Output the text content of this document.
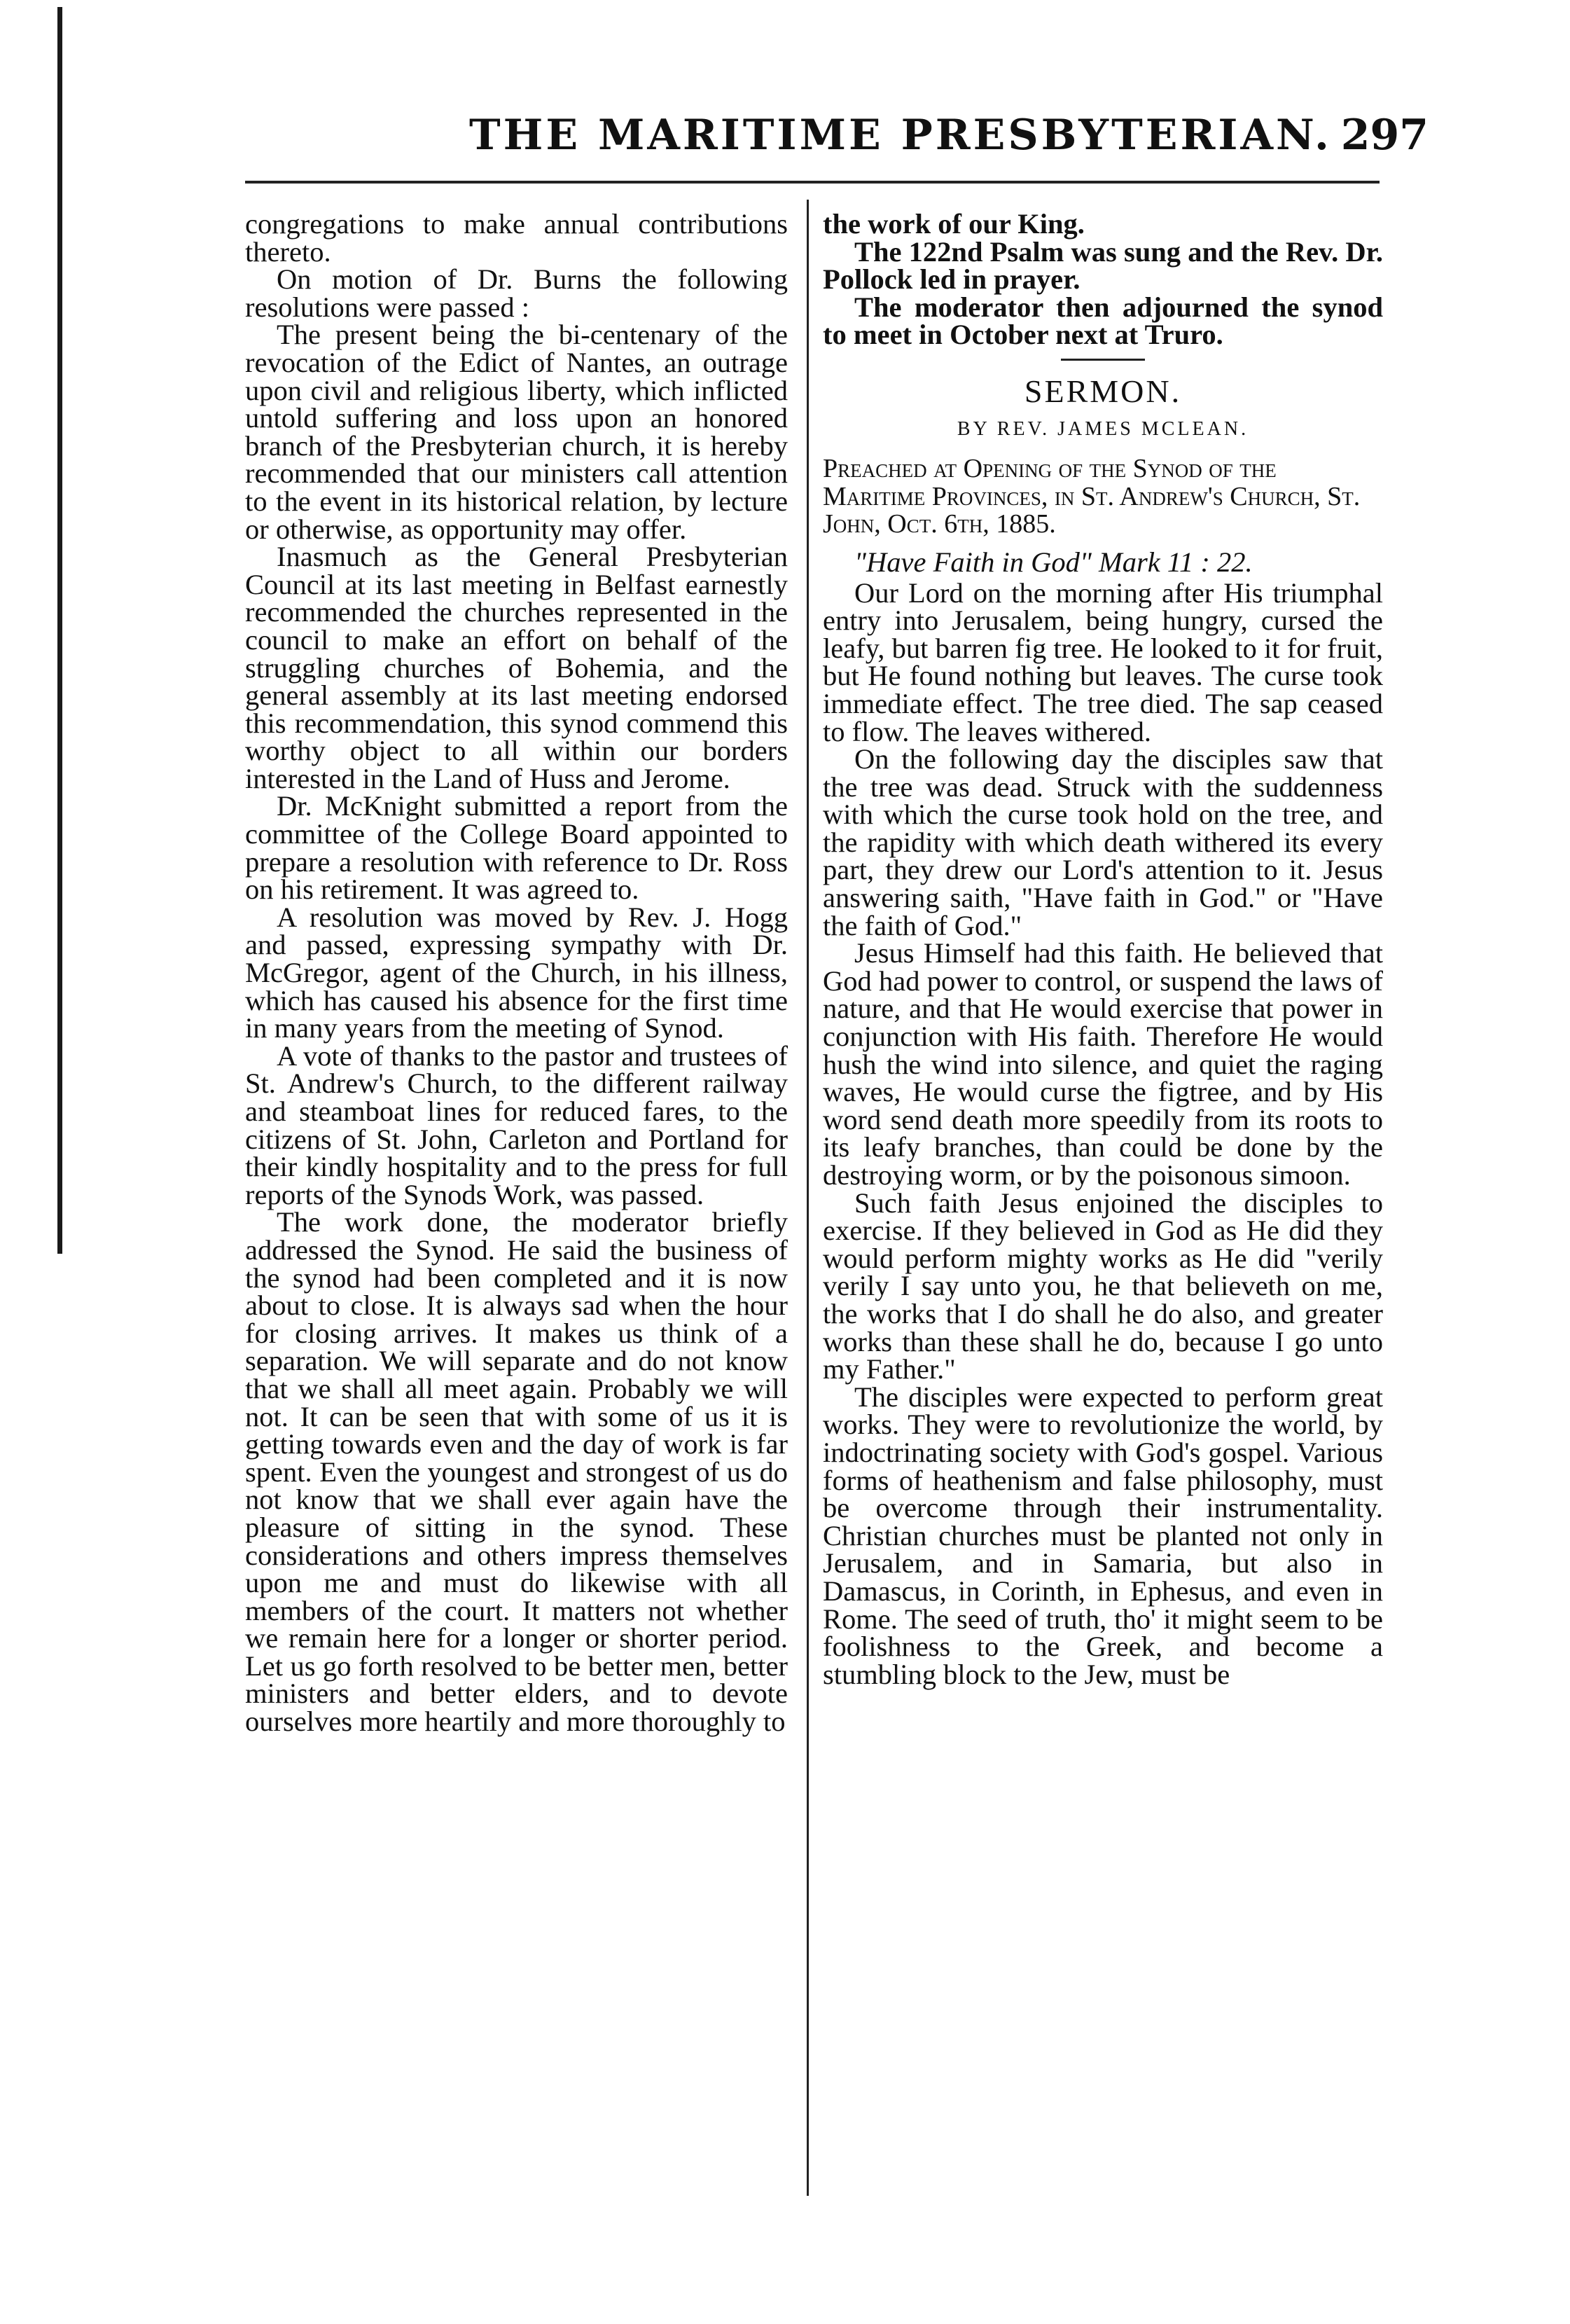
THE MARITIME PRESBYTERIAN. 297

congregations to make annual contributions thereto.

On motion of Dr. Burns the following resolutions were passed :

The present being the bi-centenary of the revocation of the Edict of Nantes, an outrage upon civil and religious liberty, which inflicted untold suffering and loss upon an honored branch of the Presbyterian church, it is hereby recommended that our ministers call attention to the event in its historical relation, by lecture or otherwise, as opportunity may offer.

Inasmuch as the General Presbyterian Council at its last meeting in Belfast earnestly recommended the churches represented in the council to make an effort on behalf of the struggling churches of Bohemia, and the general assembly at its last meeting endorsed this recommendation, this synod commend this worthy object to all within our borders interested in the Land of Huss and Jerome.

Dr. McKnight submitted a report from the committee of the College Board appointed to prepare a resolution with reference to Dr. Ross on his retirement. It was agreed to.

A resolution was moved by Rev. J. Hogg and passed, expressing sympathy with Dr. McGregor, agent of the Church, in his illness, which has caused his absence for the first time in many years from the meeting of Synod.

A vote of thanks to the pastor and trustees of St. Andrew's Church, to the different railway and steamboat lines for reduced fares, to the citizens of St. John, Carleton and Portland for their kindly hospitality and to the press for full reports of the Synods Work, was passed.

The work done, the moderator briefly addressed the Synod. He said the business of the synod had been completed and it is now about to close. It is always sad when the hour for closing arrives. It makes us think of a separation. We will separate and do not know that we shall all meet again. Probably we will not. It can be seen that with some of us it is getting towards even and the day of work is far spent. Even the youngest and strongest of us do not know that we shall ever again have the pleasure of sitting in the synod. These considerations and others impress themselves upon me and must do likewise with all members of the court. It matters not whether we remain here for a longer or shorter period. Let us go forth resolved to be better men, better ministers and better elders, and to devote ourselves more heartily and more thoroughly to

the work of our King.

The 122nd Psalm was sung and the Rev. Dr. Pollock led in prayer.

The moderator then adjourned the synod to meet in October next at Truro.

SERMON.
BY REV. JAMES MCLEAN.

Preached at Opening of the Synod of the Maritime Provinces, in St. Andrew's Church, St. John, Oct. 6th, 1885.

"Have Faith in God" Mark 11 : 22.

Our Lord on the morning after His triumphal entry into Jerusalem, being hungry, cursed the leafy, but barren fig tree. He looked to it for fruit, but He found nothing but leaves. The curse took immediate effect. The tree died. The sap ceased to flow. The leaves withered.

On the following day the disciples saw that the tree was dead. Struck with the suddenness with which the curse took hold on the tree, and the rapidity with which death withered its every part, they drew our Lord's attention to it. Jesus answering saith, "Have faith in God." or "Have the faith of God."

Jesus Himself had this faith. He believed that God had power to control, or suspend the laws of nature, and that He would exercise that power in conjunction with His faith. Therefore He would hush the wind into silence, and quiet the raging waves, He would curse the figtree, and by His word send death more speedily from its roots to its leafy branches, than could be done by the destroying worm, or by the poisonous simoon.

Such faith Jesus enjoined the disciples to exercise. If they believed in God as He did they would perform mighty works as He did "verily verily I say unto you, he that believeth on me, the works that I do shall he do also, and greater works than these shall he do, because I go unto my Father."

The disciples were expected to perform great works. They were to revolutionize the world, by indoctrinating society with God's gospel. Various forms of heathenism and false philosophy, must be overcome through their instrumentality. Christian churches must be planted not only in Jerusalem, and in Samaria, but also in Damascus, in Corinth, in Ephesus, and even in Rome. The seed of truth, tho' it might seem to be foolishness to the Greek, and become a stumbling block to the Jew, must be
